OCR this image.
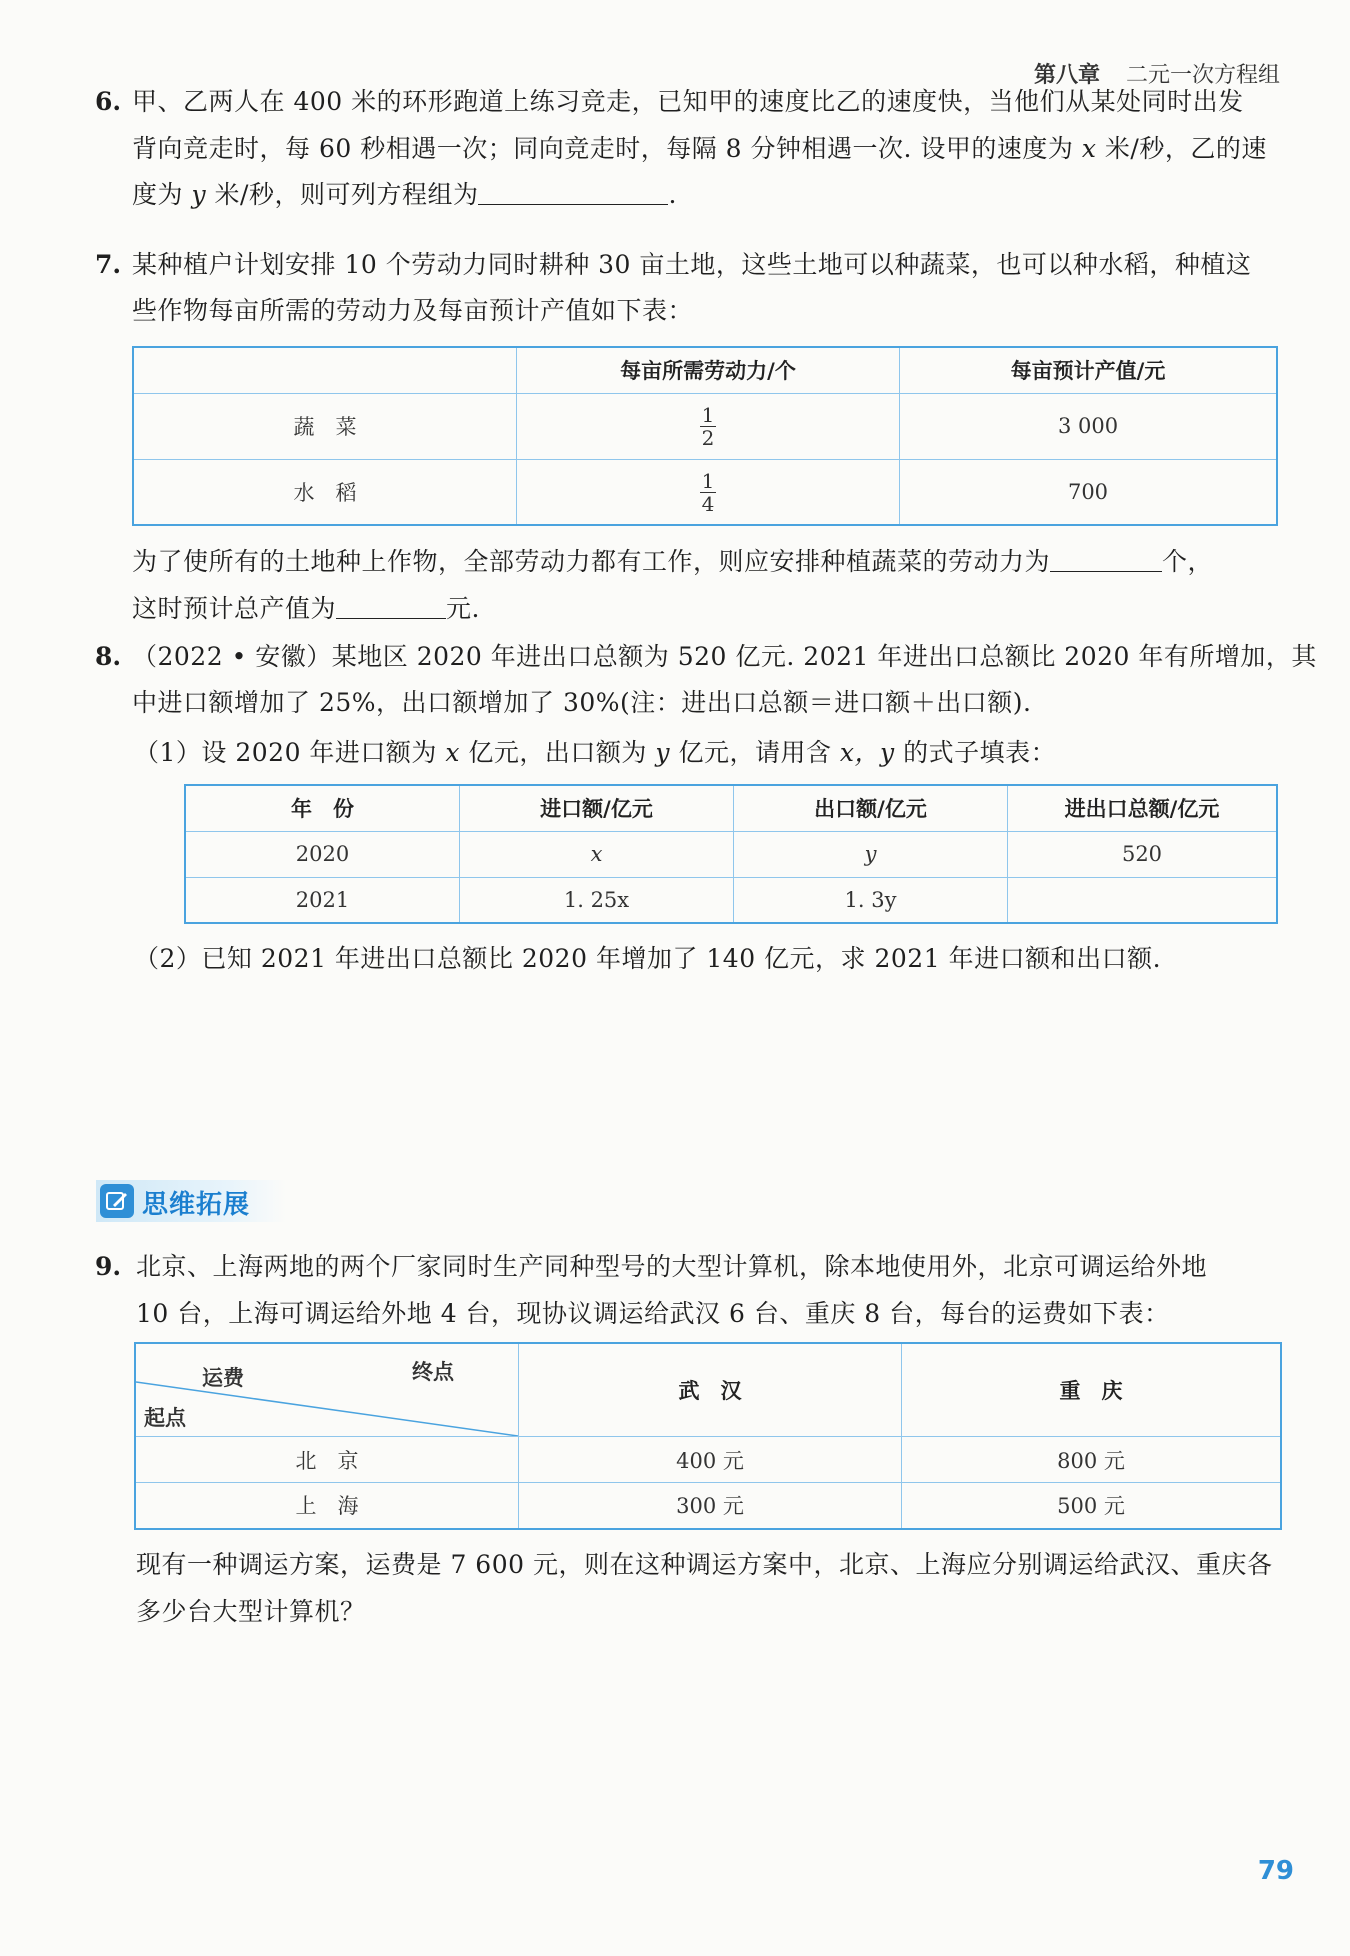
第八章 二元一次方程组
6. 甲、乙两人在 400 米的环形跑道上练习竞走，已知甲的速度比乙的速度快，当他们从某处同时出发
背向竞走时，每 60 秒相遇一次；同向竞走时，每隔 8 分钟相遇一次. 设甲的速度为 x 米/秒，乙的速
度为 y 米/秒，则可列方程组为	.
7. 某种植户计划安排 10 个劳动力同时耕种 30 亩土地，这些土地可以种蔬菜，也可以种水稻，种植这
些作物每亩所需的劳动力及每亩预计产值如下表：
	每亩所需劳动力/个	每亩预计产值/元
蔬　菜	$\frac{1}{2}$	3 000
水　稻	$\frac{1}{4}$	700
为了使所有的土地种上作物，全部劳动力都有工作，则应安排种植蔬菜的劳动力为	个，
这时预计总产值为	元.
8. （2022 • 安徽）某地区 2020 年进出口总额为 520 亿元. 2021 年进出口总额比 2020 年有所增加，其
中进口额增加了 25%，出口额增加了 30%(注：进出口总额＝进口额＋出口额).
（1）设 2020 年进口额为 x 亿元，出口额为 y 亿元，请用含 x，y 的式子填表：
年　份	进口额/亿元	出口额/亿元	进出口总额/亿元
2020	x	y	520
2021	1. 25x	1. 3y	
（2）已知 2021 年进出口总额比 2020 年增加了 140 亿元，求 2021 年进口额和出口额.
思维拓展
9. 北京、上海两地的两个厂家同时生产同种型号的大型计算机，除本地使用外，北京可调运给外地
10 台，上海可调运给外地 4 台，现协议调运给武汉 6 台、重庆 8 台，每台的运费如下表：
运费 终点
起点	武　汉	重　庆
北　京	400 元	800 元
上　海	300 元	500 元
现有一种调运方案，运费是 7 600 元，则在这种调运方案中，北京、上海应分别调运给武汉、重庆各
多少台大型计算机？
79
